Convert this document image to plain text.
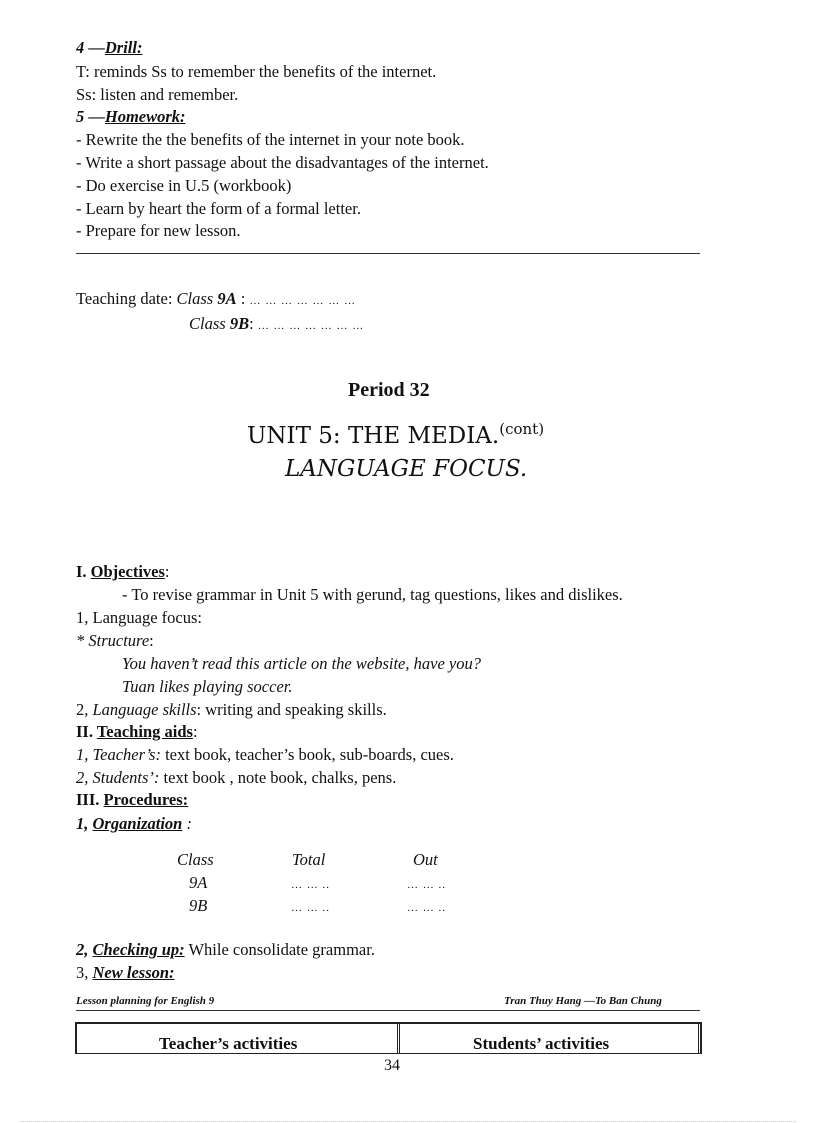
4 —Drill:
T: reminds Ss to remember the benefits of the internet.
Ss: listen and remember.
5 —Homework:
- Rewrite the the benefits of the internet in your note book.
- Write a short passage about the disadvantages of the internet.
- Do exercise in U.5 (workbook)
- Learn by heart the form of a formal letter.
- Prepare for new lesson.
Teaching date: Class 9A : … … … … … … …
Class 9B: … … … … … … …
Period 32
UNIT 5: THE MEDIA.$^{(cont)}$
LANGUAGE FOCUS.
I. Objectives:
- To revise grammar in Unit 5 with gerund, tag questions, likes and dislikes.
1, Language focus:
* Structure:
You haven’t read this article on the website, have you?
Tuan likes playing soccer.
2, Language skills: writing and speaking skills.
II. Teaching aids:
1, Teacher’s: text book, teacher’s book, sub-boards, cues.
2, Students’: text book , note book, chalks, pens.
III. Procedures:
1, Organization :
Class	Total	Out
9A	… … ..	… … ..
9B	… … ..	… … ..
2, Checking up: While consolidate grammar.
3, New lesson:
Lesson planning for English 9	Tran Thuy Hang —To Ban Chung
Teacher’s activities	Students’ activities
34
